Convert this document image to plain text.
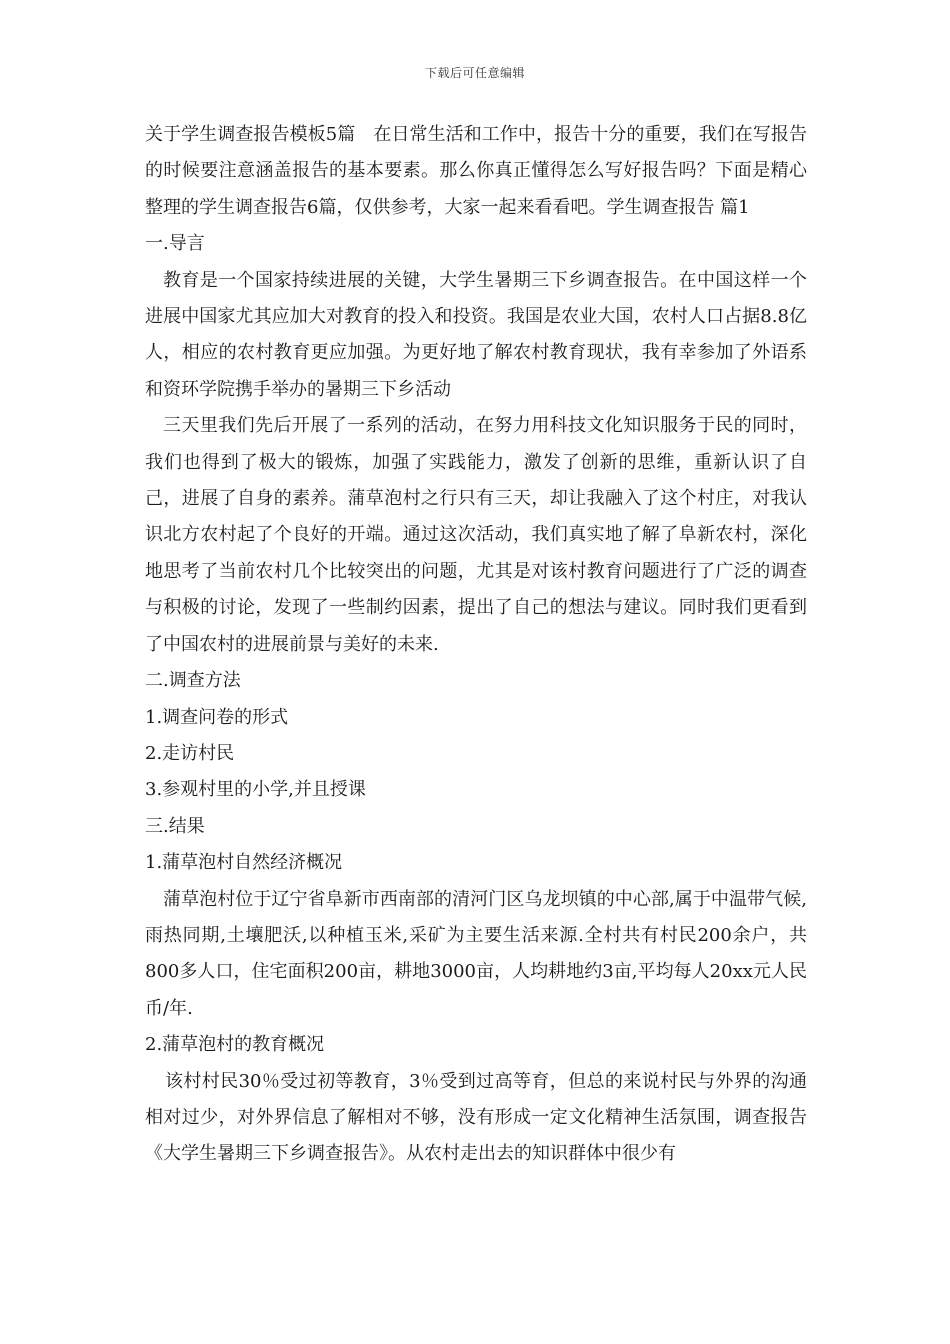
下载后可任意编辑

关于学生调查报告模板5篇　在日常生活和工作中，报告十分的重要，我们在写报告的时候要注意涵盖报告的基本要素。那么你真正懂得怎么写好报告吗？下面是精心整理的学生调查报告6篇，仅供参考，大家一起来看看吧。学生调查报告 篇1

一.导言

教育是一个国家持续进展的关键，大学生暑期三下乡调查报告。在中国这样一个进展中国家尤其应加大对教育的投入和投资。我国是农业大国，农村人口占据8.8亿人，相应的农村教育更应加强。为更好地了解农村教育现状，我有幸参加了外语系和资环学院携手举办的暑期三下乡活动

三天里我们先后开展了一系列的活动，在努力用科技文化知识服务于民的同时，我们也得到了极大的锻炼，加强了实践能力，激发了创新的思维，重新认识了自己，进展了自身的素养。蒲草泡村之行只有三天，却让我融入了这个村庄，对我认识北方农村起了个良好的开端。通过这次活动，我们真实地了解了阜新农村，深化地思考了当前农村几个比较突出的问题，尤其是对该村教育问题进行了广泛的调查与积极的讨论，发现了一些制约因素，提出了自己的想法与建议。同时我们更看到了中国农村的进展前景与美好的未来.

二.调查方法

1.调查问卷的形式

2.走访村民

3.参观村里的小学,并且授课

三.结果

1.蒲草泡村自然经济概况

蒲草泡村位于辽宁省阜新市西南部的清河门区乌龙坝镇的中心部,属于中温带气候,雨热同期,土壤肥沃,以种植玉米,采矿为主要生活来源.全村共有村民200余户，共800多人口，住宅面积200亩，耕地3000亩，人均耕地约3亩,平均每人20xx元人民币/年.

2.蒲草泡村的教育概况

该村村民30％受过初等教育，3％受到过高等育，但总的来说村民与外界的沟通相对过少，对外界信息了解相对不够，没有形成一定文化精神生活氛围，调查报告《大学生暑期三下乡调查报告》。从农村走出去的知识群体中很少有
